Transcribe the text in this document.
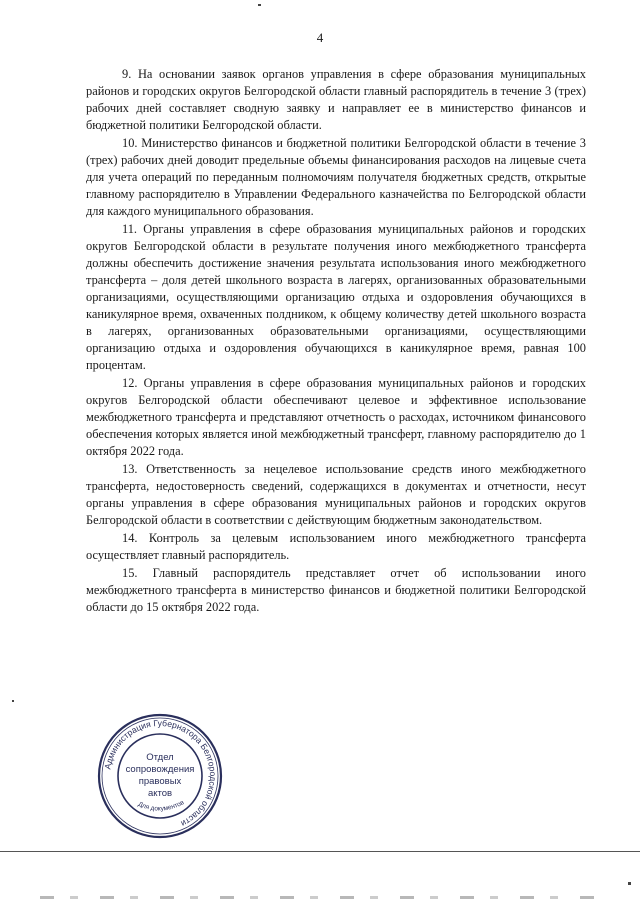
4

9. На основании заявок органов управления в сфере образования муниципальных районов и городских округов Белгородской области главный распорядитель в течение 3 (трех) рабочих дней составляет сводную заявку и направляет ее в министерство финансов и бюджетной политики Белгородской области.

10. Министерство финансов и бюджетной политики Белгородской области в течение 3 (трех) рабочих дней доводит предельные объемы финансирования расходов на лицевые счета для учета операций по переданным полномочиям получателя бюджетных средств, открытые главному распорядителю в Управлении Федерального казначейства по Белгородской области для каждого муниципального образования.

11. Органы управления в сфере образования муниципальных районов и городских округов Белгородской области в результате получения иного межбюджетного трансферта должны обеспечить достижение значения результата использования иного межбюджетного трансферта – доля детей школьного возраста в лагерях, организованных образовательными организациями, осуществляющими организацию отдыха и оздоровления обучающихся в каникулярное время, охваченных полдником, к общему количеству детей школьного возраста в лагерях, организованных образовательными организациями, осуществляющими организацию отдыха и оздоровления обучающихся в каникулярное время, равная 100 процентам.

12. Органы управления в сфере образования муниципальных районов и городских округов Белгородской области обеспечивают целевое и эффективное использование межбюджетного трансферта и представляют отчетность о расходах, источником финансового обеспечения которых является иной межбюджетный трансферт, главному распорядителю до 1 октября 2022 года.

13. Ответственность за нецелевое использование средств иного межбюджетного трансферта, недостоверность сведений, содержащихся в документах и отчетности, несут органы управления в сфере образования муниципальных районов и городских округов Белгородской области в соответствии с действующим бюджетным законодательством.

14. Контроль за целевым использованием иного межбюджетного трансферта осуществляет главный распорядитель.

15. Главный распорядитель представляет отчет об использовании иного межбюджетного трансферта в министерство финансов и бюджетной политики Белгородской области до 15 октября 2022 года.

Администрация Губернатора Белгородской области
Отдел
сопровождения
правовых
актов
Для документов
